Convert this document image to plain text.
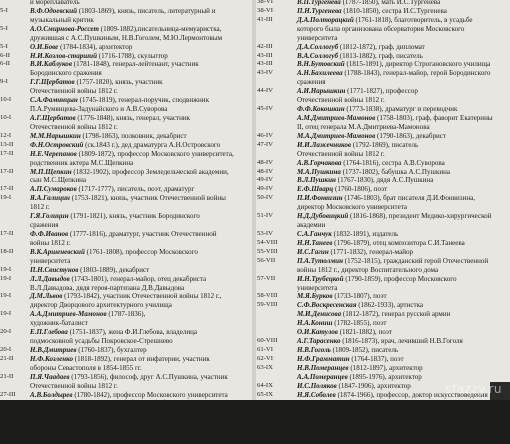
и мореплаватель
5-I	В.Ф.Одоевский (1803-1869), князь, писатель, литературный и
музыкальный критик
5-I	А.О.Смирнова-Россет (1809-1882),писательница-мемуаристка,
дружившая с А.С.Пушкиным, Н.В.Гоголем, М.Ю.Лермонтовым
5-I	О.И.Бове (1784-1834), архитектор
6-II	Н.И.Козлов-старший (1716-1788), скульптор
6-II	В.И.Каблуков (1781-1848), генерал-лейтенант, участник
Бородинского сражения
9-I	Г.Г.Щербатов (1757-1820), князь, участник
Отечественной войны 1812 г.
10-I	С.А.Фаминцын (1745-1819), генерал-поручик, сподвижник
П.А.Румянцева-Задунайского и А.В.Суворова
10-I	А.Г.Щербатов (1776-1848), князь, генерал, участник
Отечественной войны 1812 г.
12-I	М.М.Нарышкин (1798-1863), полковник, декабрист
13-II	Ф.Н.Островский (ск.1843 г.), дед драматурга А.Н.Островского
17-II	Н.Е.Черепанов (1809-1872), профессор Московского университета,
родственник актера М.С.Щепкина
17-II	М.П.Щепкин (1832-1902), профессор Земледельческой академии,
сын М.С.Щепкина
17-II	А.П.Сумароков (1717-1777), писатель, поэт, драматург
19-I	Я.А.Галицин (1753-1821), князь, участник Отечественной войны
1812 г.
Г.Я.Голицин (1791-1821), князь, участник Бородинского
сражения
17-II	Ф.Ф.Иванов (1777-1816), драматург, участник Отечественной
войны 1812 г.
18-II	В.К.Аршеневский (1761-1808), профессор Московского
университета
19-I	П.Н.Свистунов (1803-1889), декабрист
19-I	Л.Л.Давыдов (1743-1801), генерал-майор, отец декабриста
В.Л.Давыдова, дядя героя-партизана Д.В.Давыдова
19-I	Д.М.Львов (1793-1842), участник Отечественной войны 1812 г.,
директор Дворцового архитектурного училища
19-I	А.А.Дмитриев-Мамонов (1787-1836),
художник-баталист
20-I	Е.П.Глебова (1751-1837), жена Ф.И.Глебова, владелица
подмосковной усадьбы Покровское-Стрешнево
20-I	Н.В.Дмитриев (1760-1837), бухгалтер
21-II	Н.Ф.Козленко (1818-1892), генерал от инфатерии, участник
обороны Севастополя в 1854-1855 гг.
21-II	П.Я.Чаадаев (1793-1856), философ, друг А.С.Пушкина, участник
Отечественной войны 1812 г.
27-III	А.В.Болдырев (1780-1842), профессор Московского университета
26-II	С.А.Соболевский (1803-1870), библиограф, близкий друг
А.С.Пушкина
29-II	Я.Я.Протасов (1716-1779), генерал-поручик, участник
Семилетней войны 1756-1763 гг.
29-II	Н.А.Кисловская (ск.1835 г.), владелица усадьбы «Сазиков»
38-VI	В.П.Тургенева (1787-1850), мать И.С.Тургенева
38-VI	П.Н.Тургенева (1810-1850), сестра И.С.Тургенева
41-III	Д.А.Полторацкий (1761-1818), благотворитель, в усадьбе
которого была организована обсерватория Московского
университета
42-III	Д.А.Соллогуб (1812-1872), граф, дипломат
43-III	В.А.Соллогуб (1813-1882), граф, писатель
43-III	В.Н.Бутовский (1815-1891), директор Строгановского училища
43-IV	А.Н.Бахилеева (1788-1843), генерал-майор, герой Бородинского
сражения
44-IV	А.И.Нарышкин (1771-1827), профессор
Отечественной войны 1812 г.
45-IV	Ф.Ф.Кокошкин (1773-1838), драматург и переводчик
А.М.Дмитриев-Мамонов (1758-1803), граф, фаворит Екатерины
II, отец генерала М.А.Дмитриева-Мамонова
46-IV	М.А.Дмитриев-Мамонов (1790-1863), декабрист
47-IV	И.И.Лажечников (1792-1869), писатель
Отечественной войны 1812 г.
48-IV	А.В.Горчакова (1764-1816), сестра А.В.Суворова
48-IV	М.А.Пушкина (1737-1802), бабушка А.С.Пушкина
49-IV	В.Л.Пушкин (1767-1830), дядя А.С.Пушкина
49-IV	Е.Ф.Шварц (1760-1806), поэт
50-IV	П.И.Фонвизин (1746-1803), брат писателя Д.И.Фонвизина,
директор Московского университета
51-IV	Н.Д.Дубовицкий (1816-1868), президент Медико-хирургической
академии
53-IV	С.А.Ганчук (1832-1891), издатель
54-VIII	Н.Н.Танеев (1796-1879), отец композитора С.И.Танеева
55-VIII	И.С.Гагин (1771-1832), генерал-майор
56-VII	П.А.Тутолмин (1752-1815), гражданский герой Отечественной
войны 1812 г., директор Воспитательного дома
57-VII	И.Н.Трубецкой (1790-1859), профессор Московского
университета
58-VIII	М.Я.Бурков (1733-1807), поэт
59-VIII	С.Ф.Воскресенская (1862-1933), артистка
М.И.Денисова (1812-1872), генерал русской армии
Н.А.Кониш (1782-1855), поэт
О.И.Катулов (1821-1882), поэт
60-VIII	А.Г.Тарасенко (1816-1873), врач, лечивший Н.В.Гоголя
61-VI	Н.В.Гоголь (1809-1852), писатель
62-VI	Н.Ф.Грамматин (1764-1837), поэт
63-IX	Н.В.Померанцев (1812-1897), архитектор
А.А.Померанцев (1895-1976), архитектор
64-IX	И.С.Поляков (1847-1906), архитектор
65-IX	Н.Я.Соболев (1874-1966), профессор, доктор искусствоведения
Н.Г.Соболев-младший (1906-1980), архитектор-реставратор
66-IX	И.С.Шеслер (1813-1870), архитектор
67-III	Н.В.Шеслер (1839-1897), архитектор
скульптор
sfazzy.ru
